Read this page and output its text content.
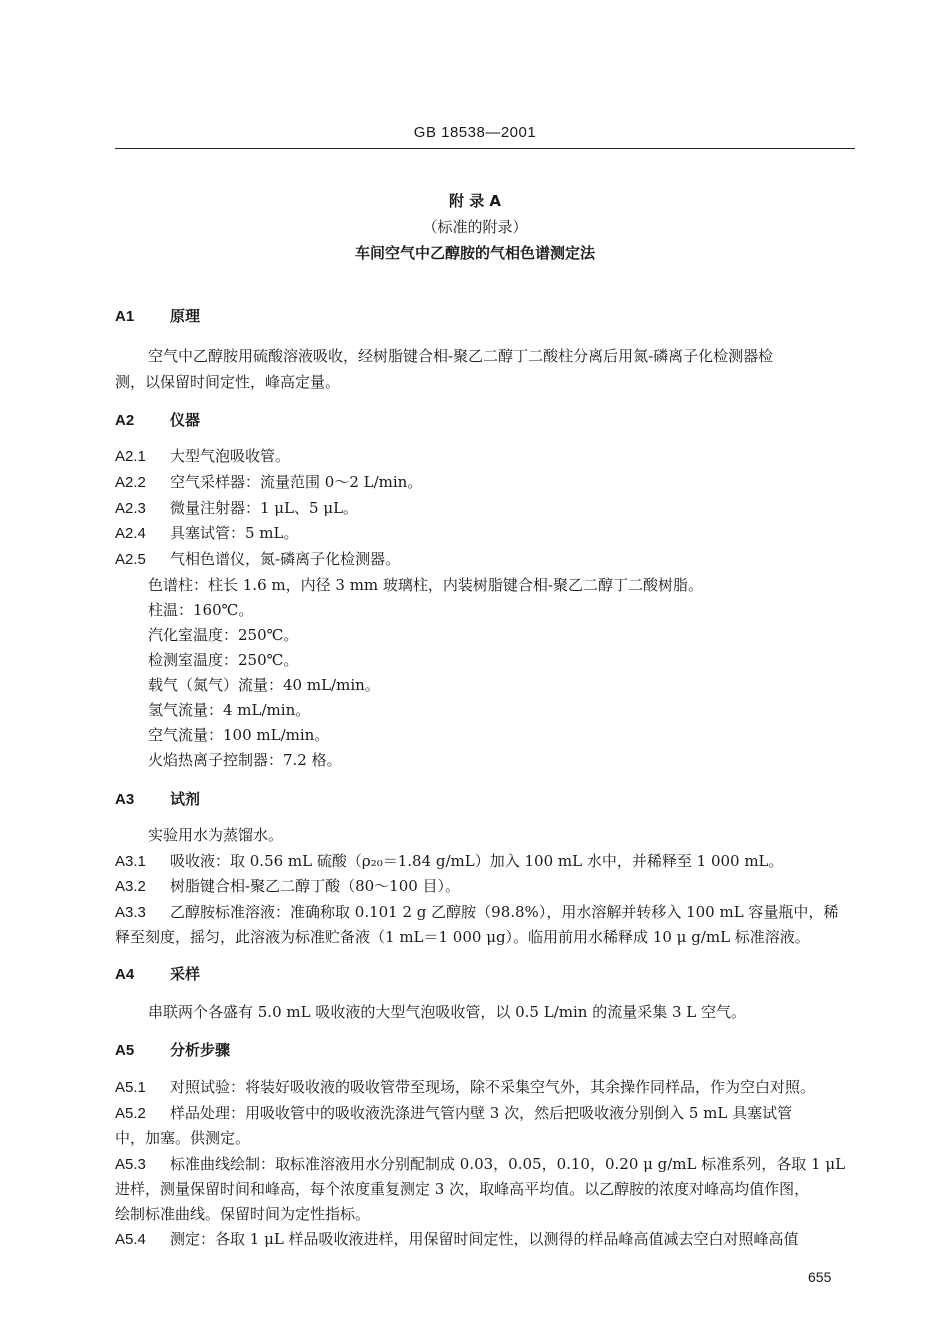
GB 18538—2001
附 录 A
（标准的附录）
车间空气中乙醇胺的气相色谱测定法
A1 原理
空气中乙醇胺用硫酸溶液吸收，经树脂键合相-聚乙二醇丁二酸柱分离后用氮-磷离子化检测器检
测，以保留时间定性，峰高定量。
A2 仪器
A2.1 大型气泡吸收管。
A2.2 空气采样器：流量范围 0～2 L/min。
A2.3 微量注射器：1 μL、5 μL。
A2.4 具塞试管：5 mL。
A2.5 气相色谱仪，氮-磷离子化检测器。
色谱柱：柱长 1.6 m，内径 3 mm 玻璃柱，内装树脂键合相-聚乙二醇丁二酸树脂。
柱温：160℃。
汽化室温度：250℃。
检测室温度：250℃。
载气（氮气）流量：40 mL/min。
氢气流量：4 mL/min。
空气流量：100 mL/min。
火焰热离子控制器：7.2 格。
A3 试剂
实验用水为蒸馏水。
A3.1 吸收液：取 0.56 mL 硫酸（ρ₂₀＝1.84 g/mL）加入 100 mL 水中，并稀释至 1 000 mL。
A3.2 树脂键合相-聚乙二醇丁酸（80～100 目）。
A3.3 乙醇胺标准溶液：准确称取 0.101 2 g 乙醇胺（98.8%），用水溶解并转移入 100 mL 容量瓶中，稀
释至刻度，摇匀，此溶液为标准贮备液（1 mL＝1 000 μg）。临用前用水稀释成 10 μ g/mL 标准溶液。
A4 采样
串联两个各盛有 5.0 mL 吸收液的大型气泡吸收管，以 0.5 L/min 的流量采集 3 L 空气。
A5 分析步骤
A5.1 对照试验：将装好吸收液的吸收管带至现场，除不采集空气外，其余操作同样品，作为空白对照。
A5.2 样品处理：用吸收管中的吸收液洗涤进气管内壁 3 次，然后把吸收液分别倒入 5 mL 具塞试管
中，加塞。供测定。
A5.3 标准曲线绘制：取标准溶液用水分别配制成 0.03，0.05，0.10，0.20 μ g/mL 标准系列，各取 1 μL
进样，测量保留时间和峰高，每个浓度重复测定 3 次，取峰高平均值。以乙醇胺的浓度对峰高均值作图，
绘制标准曲线。保留时间为定性指标。
A5.4 测定：各取 1 μL 样品吸收液进样，用保留时间定性，以测得的样品峰高值减去空白对照峰高值
655
